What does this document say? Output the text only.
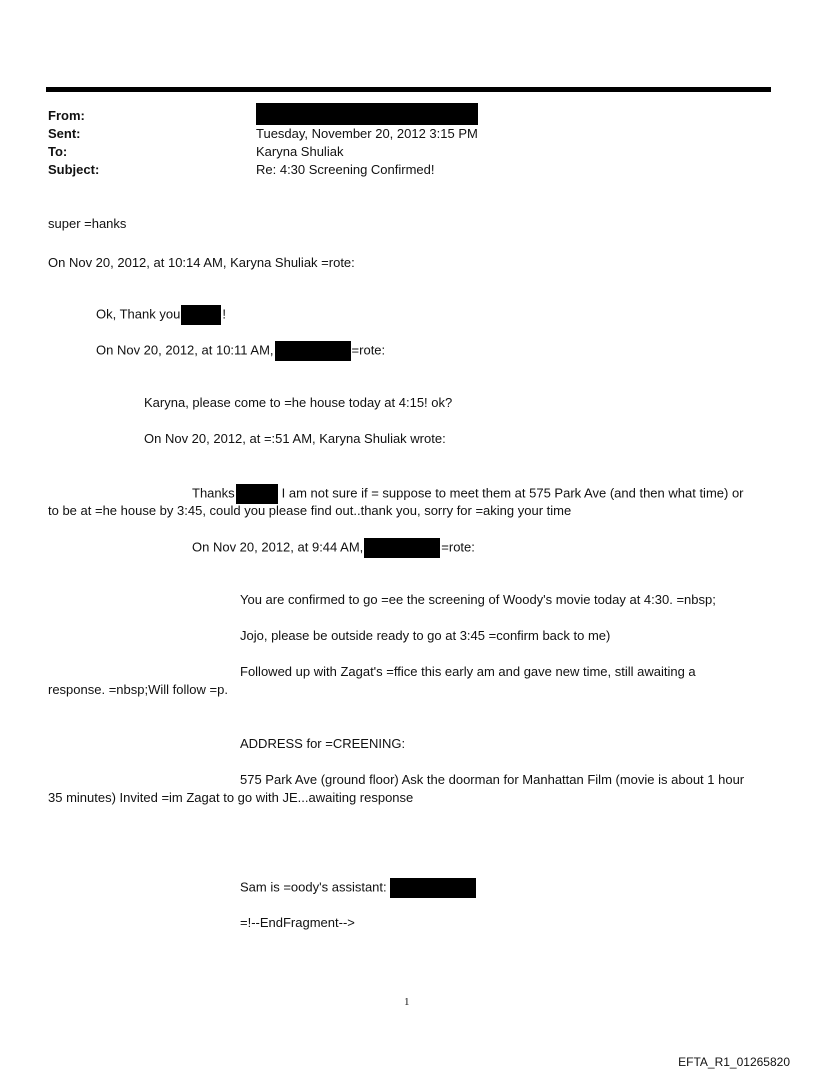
From:
Sent:	Tuesday, November 20, 2012 3:15 PM
To:	Karyna Shuliak
Subject:	Re: 4:30 Screening Confirmed!
super =hanks
On Nov 20, 2012, at 10:14 AM, Karyna Shuliak =rote:
Ok, Thank you	!
On Nov 20, 2012, at 10:11 AM,	=rote:
Karyna, please come to =he house today at 4:15! ok?
On Nov 20, 2012, at =:51 AM, Karyna Shuliak wrote:
Thanks	I am not sure if = suppose to meet them at 575 Park Ave (and then what time) or
to be at =he house by 3:45, could you please find out..thank you, sorry for =aking your time
On Nov 20, 2012, at 9:44 AM,	=rote:
You are confirmed to go =ee the screening of Woody's movie today at 4:30. =nbsp;
Jojo, please be outside ready to go at 3:45 =confirm back to me)
Followed up with Zagat's =ffice this early am and gave new time, still awaiting a
response. =nbsp;Will follow =p.
ADDRESS for =CREENING:
575 Park Ave (ground floor) Ask the doorman for Manhattan Film (movie is about 1 hour
35 minutes) Invited =im Zagat to go with JE...awaiting response
Sam is =oody's assistant:
=!--EndFragment-->
1
EFTA_R1_01265820
